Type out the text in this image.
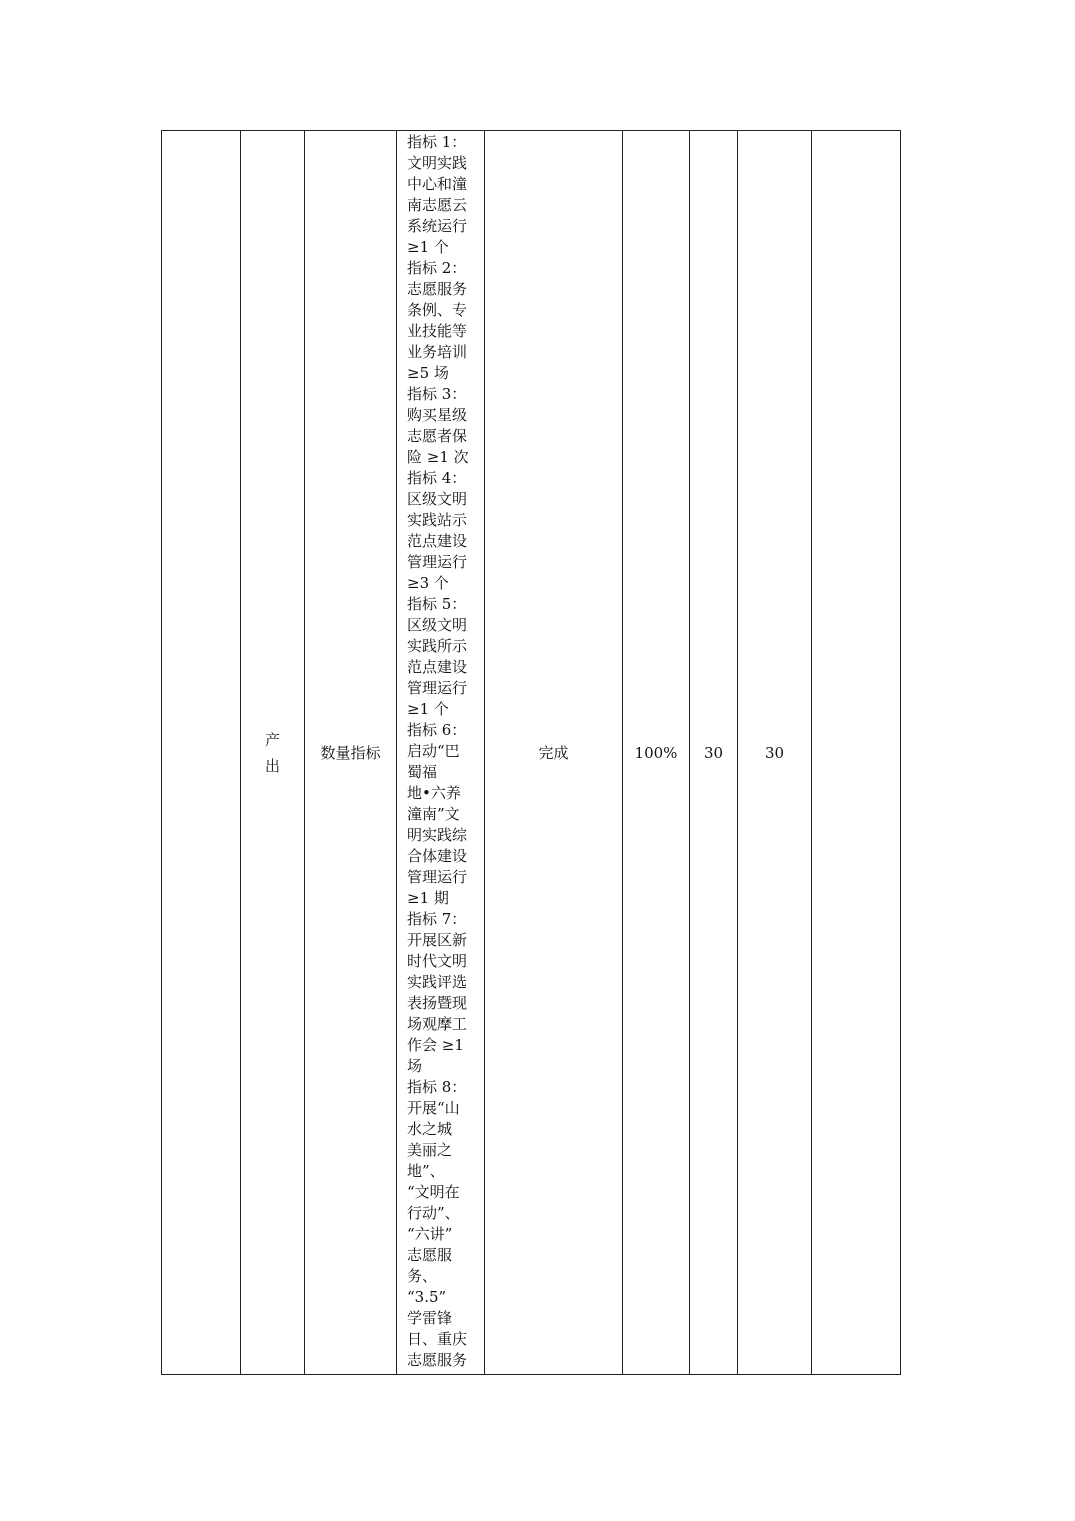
	产出	数量指标	指标 1：
文明实践
中心和潼
南志愿云
系统运行
≥1 个
指标 2：
志愿服务
条例、专
业技能等
业务培训
≥5 场
指标 3：
购买星级
志愿者保
险 ≥1 次
指标 4：
区级文明
实践站示
范点建设
管理运行
≥3 个
指标 5：
区级文明
实践所示
范点建设
管理运行
≥1 个
指标 6：
启动“巴
蜀福
地•六养
潼南”文
明实践综
合体建设
管理运行
≥1 期
指标 7：
开展区新
时代文明
实践评选
表扬暨现
场观摩工
作会 ≥1
场
指标 8：
开展“山
水之城
美丽之
地”、
“文明在
行动”、
“六讲”
志愿服
务、
“3.5”
学雷锋
日、重庆
志愿服务	完成	100%	30	30	
